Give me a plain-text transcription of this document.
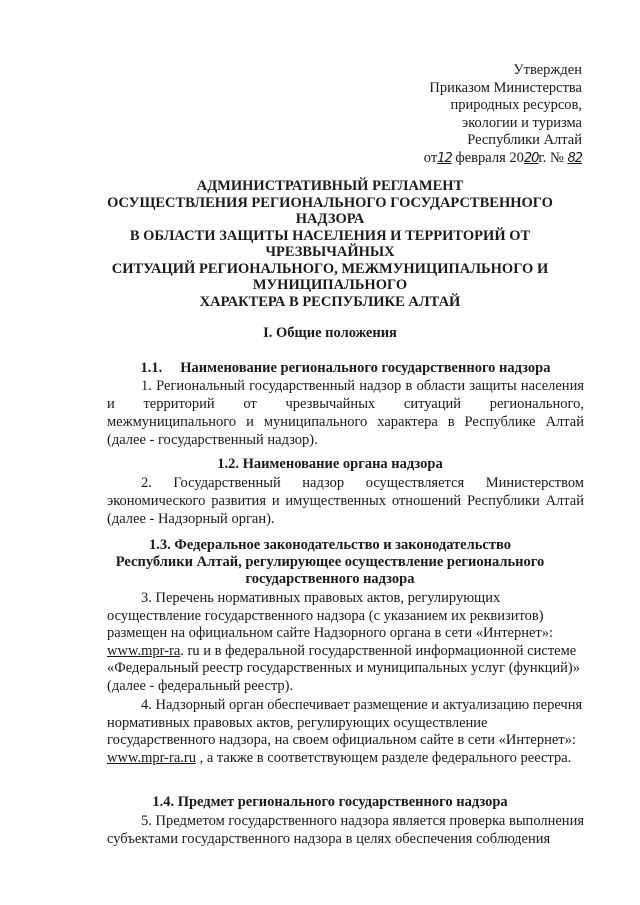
Утвержден
Приказом Министерства
природных ресурсов,
экологии и туризма
Республики Алтай
от12 февраля 2020г. № 82
АДМИНИСТРАТИВНЫЙ РЕГЛАМЕНТ
ОСУЩЕСТВЛЕНИЯ РЕГИОНАЛЬНОГО ГОСУДАРСТВЕННОГО
НАДЗОРА
В ОБЛАСТИ ЗАЩИТЫ НАСЕЛЕНИЯ И ТЕРРИТОРИЙ ОТ
ЧРЕЗВЫЧАЙНЫХ
СИТУАЦИЙ РЕГИОНАЛЬНОГО, МЕЖМУНИЦИПАЛЬНОГО И
МУНИЦИПАЛЬНОГО
ХАРАКТЕРА В РЕСПУБЛИКЕ АЛТАЙ
I. Общие положения
1.1. Наименование регионального государственного надзора

1. Региональный государственный надзор в области защиты населения и территорий от чрезвычайных ситуаций регионального, межмуниципального и муниципального характера в Республике Алтай (далее - государственный надзор).

1.2. Наименование органа надзора

2. Государственный надзор осуществляется Министерством экономического развития и имущественных отношений Республики Алтай (далее - Надзорный орган).

1.3. Федеральное законодательство и законодательство
Республики Алтай, регулирующее осуществление регионального
государственного надзора

3. Перечень нормативных правовых актов, регулирующих осуществление государственного надзора (с указанием их реквизитов) размещен на официальном сайте Надзорного органа в сети «Интернет»: www.mpr-ra. ru и в федеральной государственной информационной системе «Федеральный реестр государственных и муниципальных услуг (функций)» (далее - федеральный реестр).

4. Надзорный орган обеспечивает размещение и актуализацию перечня нормативных правовых актов, регулирующих осуществление государственного надзора, на своем официальном сайте в сети «Интернет»: www.mpr-ra.ru , а также в соответствующем разделе федерального реестра.

1.4. Предмет регионального государственного надзора

5. Предметом государственного надзора является проверка выполнения субъектами государственного надзора в целях обеспечения соблюдения
